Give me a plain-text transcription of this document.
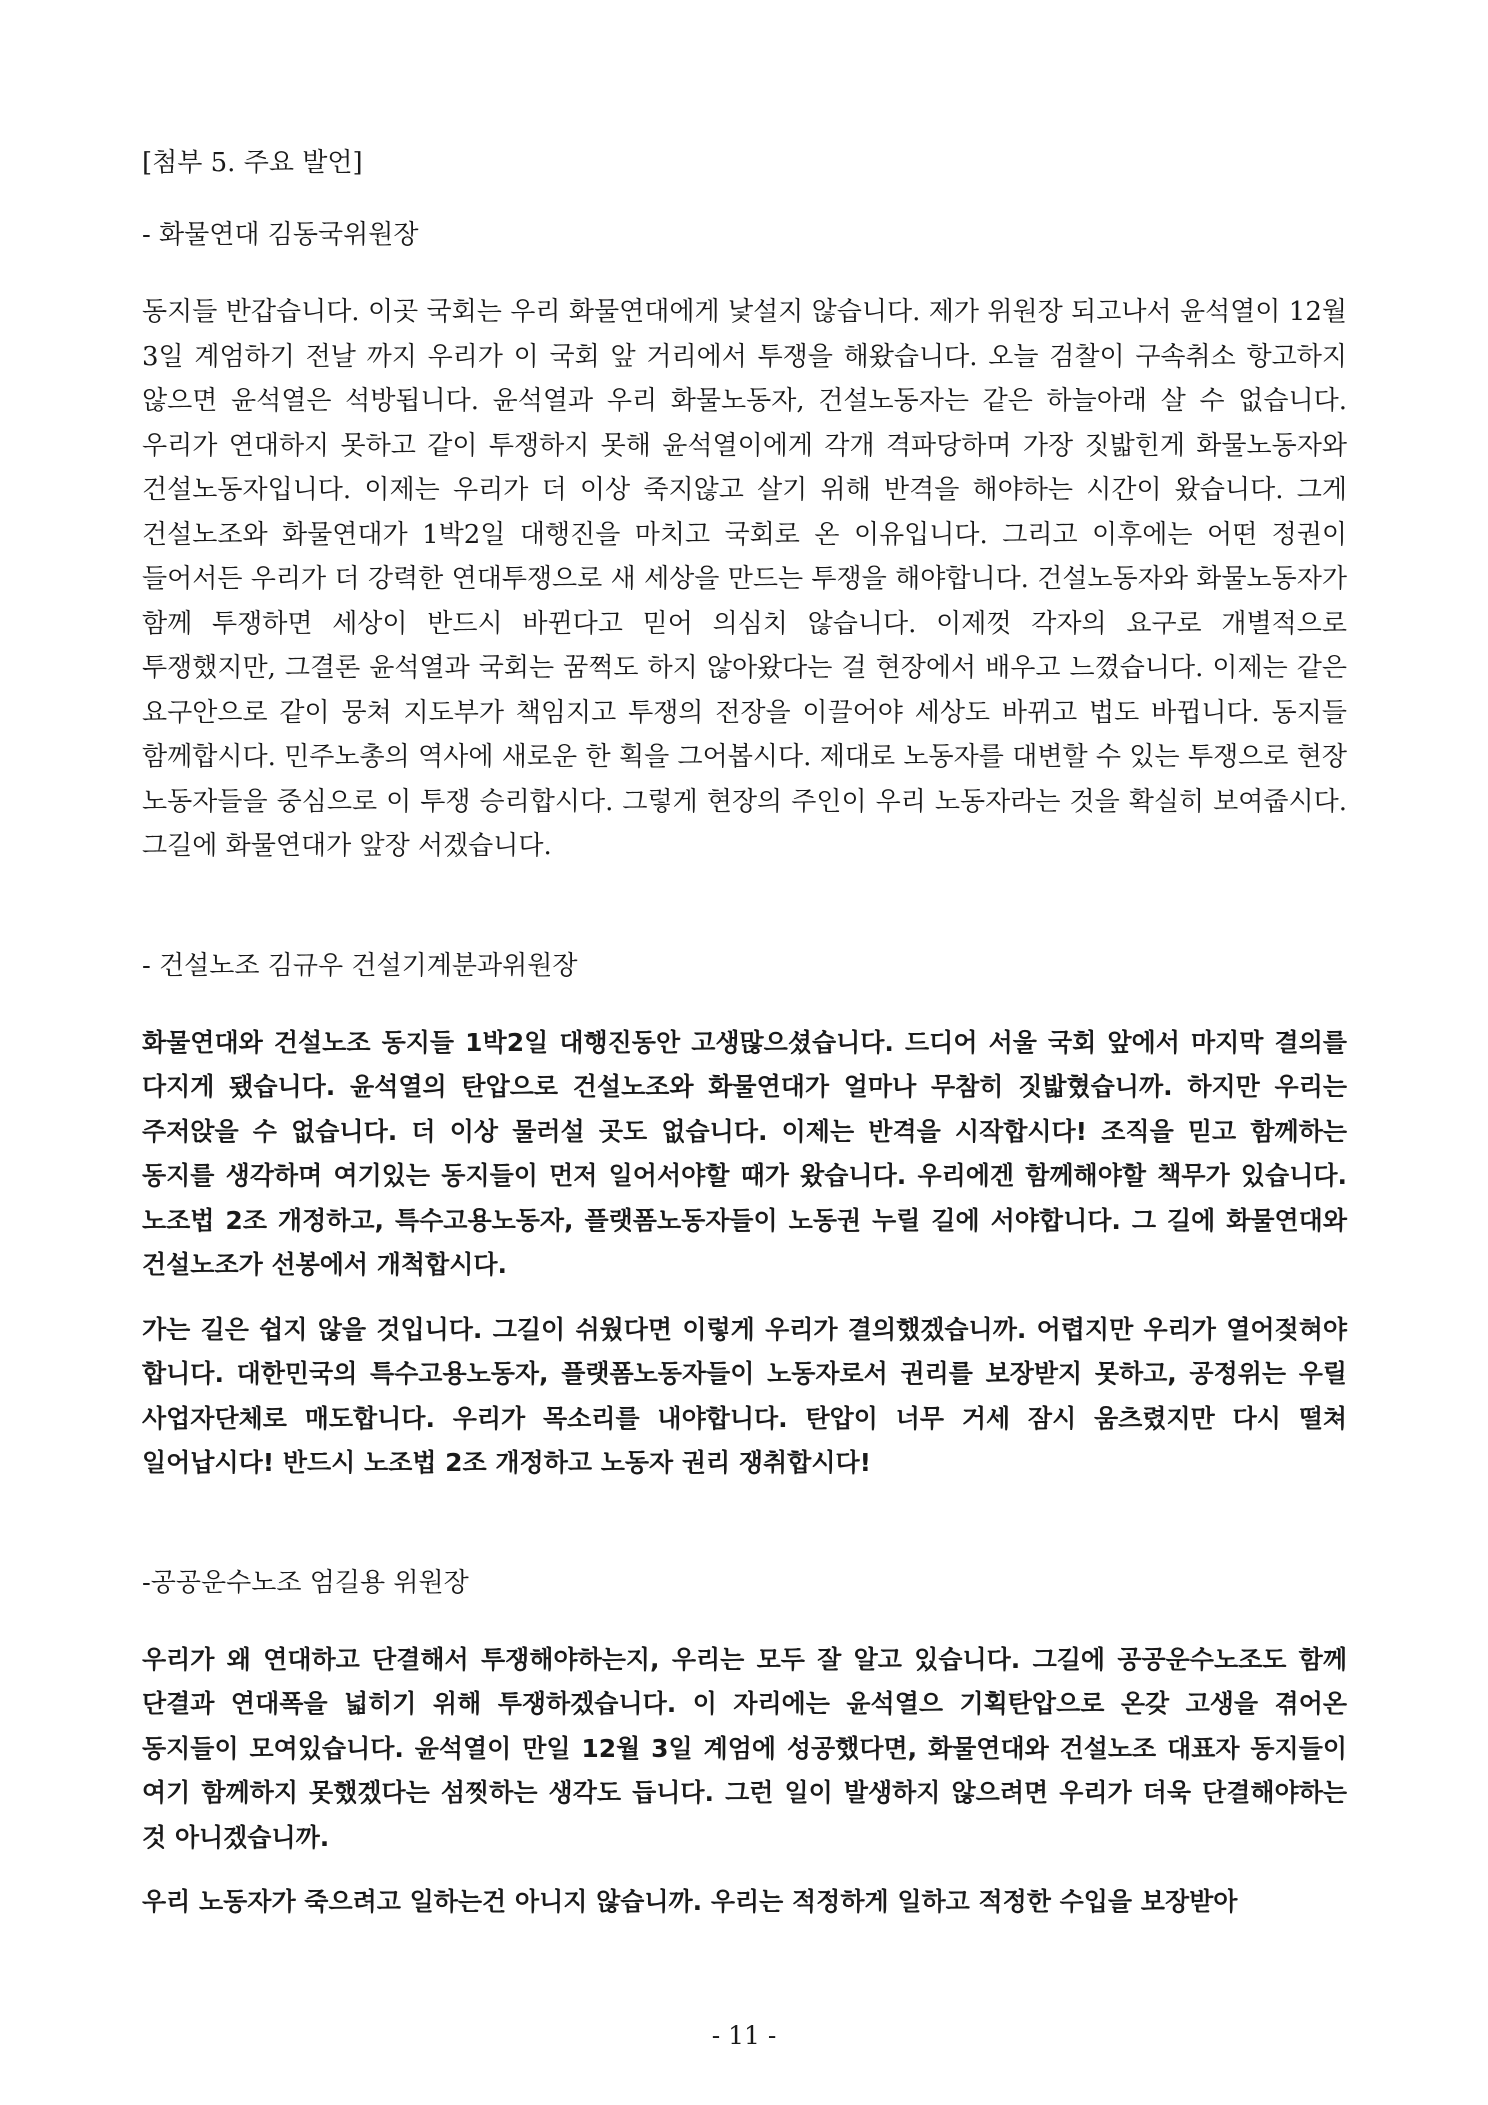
[첨부 5. 주요 발언]
- 화물연대 김동국위원장

동지들 반갑습니다. 이곳 국회는 우리 화물연대에게 낯설지 않습니다. 제가 위원장 되고나서 윤석열이 12월 3일 계엄하기 전날 까지 우리가 이 국회 앞 거리에서 투쟁을 해왔습니다. 오늘 검찰이 구속취소 항고하지 않으면 윤석열은 석방됩니다. 윤석열과 우리 화물노동자, 건설노동자는 같은 하늘아래 살 수 없습니다. 우리가 연대하지 못하고 같이 투쟁하지 못해 윤석열이에게 각개 격파당하며 가장 짓밟힌게 화물노동자와 건설노동자입니다. 이제는 우리가 더 이상 죽지않고 살기 위해 반격을 해야하는 시간이 왔습니다. 그게 건설노조와 화물연대가 1박2일 대행진을 마치고 국회로 온 이유입니다. 그리고 이후에는 어떤 정권이 들어서든 우리가 더 강력한 연대투쟁으로 새 세상을 만드는 투쟁을 해야합니다. 건설노동자와 화물노동자가 함께 투쟁하면 세상이 반드시 바뀐다고 믿어 의심치 않습니다. 이제껏 각자의 요구로 개별적으로 투쟁했지만, 그결론 윤석열과 국회는 꿈쩍도 하지 않아왔다는 걸 현장에서 배우고 느꼈습니다. 이제는 같은 요구안으로 같이 뭉쳐 지도부가 책임지고 투쟁의 전장을 이끌어야 세상도 바뀌고 법도 바뀝니다. 동지들 함께합시다. 민주노총의 역사에 새로운 한 획을 그어봅시다. 제대로 노동자를 대변할 수 있는 투쟁으로 현장 노동자들을 중심으로 이 투쟁 승리합시다. 그렇게 현장의 주인이 우리 노동자라는 것을 확실히 보여줍시다. 그길에 화물연대가 앞장 서겠습니다.

- 건설노조 김규우 건설기계분과위원장

화물연대와 건설노조 동지들 1박2일 대행진동안 고생많으셨습니다. 드디어 서울 국회 앞에서 마지막 결의를 다지게 됐습니다. 윤석열의 탄압으로 건설노조와 화물연대가 얼마나 무참히 짓밟혔습니까. 하지만 우리는 주저앉을 수 없습니다. 더 이상 물러설 곳도 없습니다. 이제는 반격을 시작합시다! 조직을 믿고 함께하는 동지를 생각하며 여기있는 동지들이 먼저 일어서야할 때가 왔습니다. 우리에겐 함께해야할 책무가 있습니다. 노조법 2조 개정하고, 특수고용노동자, 플랫폼노동자들이 노동권 누릴 길에 서야합니다. 그 길에 화물연대와 건설노조가 선봉에서 개척합시다.

가는 길은 쉽지 않을 것입니다. 그길이 쉬웠다면 이렇게 우리가 결의했겠습니까. 어렵지만 우리가 열어젖혀야 합니다. 대한민국의 특수고용노동자, 플랫폼노동자들이 노동자로서 권리를 보장받지 못하고, 공정위는 우릴 사업자단체로 매도합니다. 우리가 목소리를 내야합니다. 탄압이 너무 거세 잠시 움츠렸지만 다시 떨쳐 일어납시다! 반드시 노조법 2조 개정하고 노동자 권리 쟁취합시다!

-공공운수노조 엄길용 위원장

우리가 왜 연대하고 단결해서 투쟁해야하는지, 우리는 모두 잘 알고 있습니다. 그길에 공공운수노조도 함께 단결과 연대폭을 넓히기 위해 투쟁하겠습니다. 이 자리에는 윤석열으 기획탄압으로 온갖 고생을 겪어온 동지들이 모여있습니다. 윤석열이 만일 12월 3일 계엄에 성공했다면, 화물연대와 건설노조 대표자 동지들이 여기 함께하지 못했겠다는 섬찟하는 생각도 듭니다. 그런 일이 발생하지 않으려면 우리가 더욱 단결해야하는 것 아니겠습니까.

우리 노동자가 죽으려고 일하는건 아니지 않습니까. 우리는 적정하게 일하고 적정한 수입을 보장받아

- 11 -
